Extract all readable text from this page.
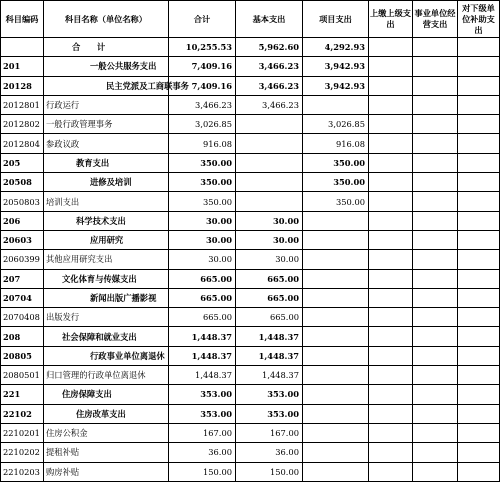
科目编码	科目名称（单位名称）	合计	基本支出	项目支出	上缴上级支出	事业单位经营支出	对下级单位补助支出
	合　　计	10,255.53	5,962.60	4,292.93			
201	一般公共服务支出	7,409.16	3,466.23	3,942.93			
20128	民主党派及工商联事务	7,409.16	3,466.23	3,942.93			
2012801	行政运行	3,466.23	3,466.23				
2012802	一般行政管理事务	3,026.85		3,026.85			
2012804	参政议政	916.08		916.08			
205	教育支出	350.00		350.00			
20508	进修及培训	350.00		350.00			
2050803	培训支出	350.00		350.00			
206	科学技术支出	30.00	30.00				
20603	应用研究	30.00	30.00				
2060399	其他应用研究支出	30.00	30.00				
207	文化体育与传媒支出	665.00	665.00				
20704	新闻出版广播影视	665.00	665.00				
2070408	出版发行	665.00	665.00				
208	社会保障和就业支出	1,448.37	1,448.37				
20805	行政事业单位离退休	1,448.37	1,448.37				
2080501	归口管理的行政单位离退休	1,448.37	1,448.37				
221	住房保障支出	353.00	353.00				
22102	住房改革支出	353.00	353.00				
2210201	住房公积金	167.00	167.00				
2210202	提租补贴	36.00	36.00				
2210203	购房补贴	150.00	150.00				
